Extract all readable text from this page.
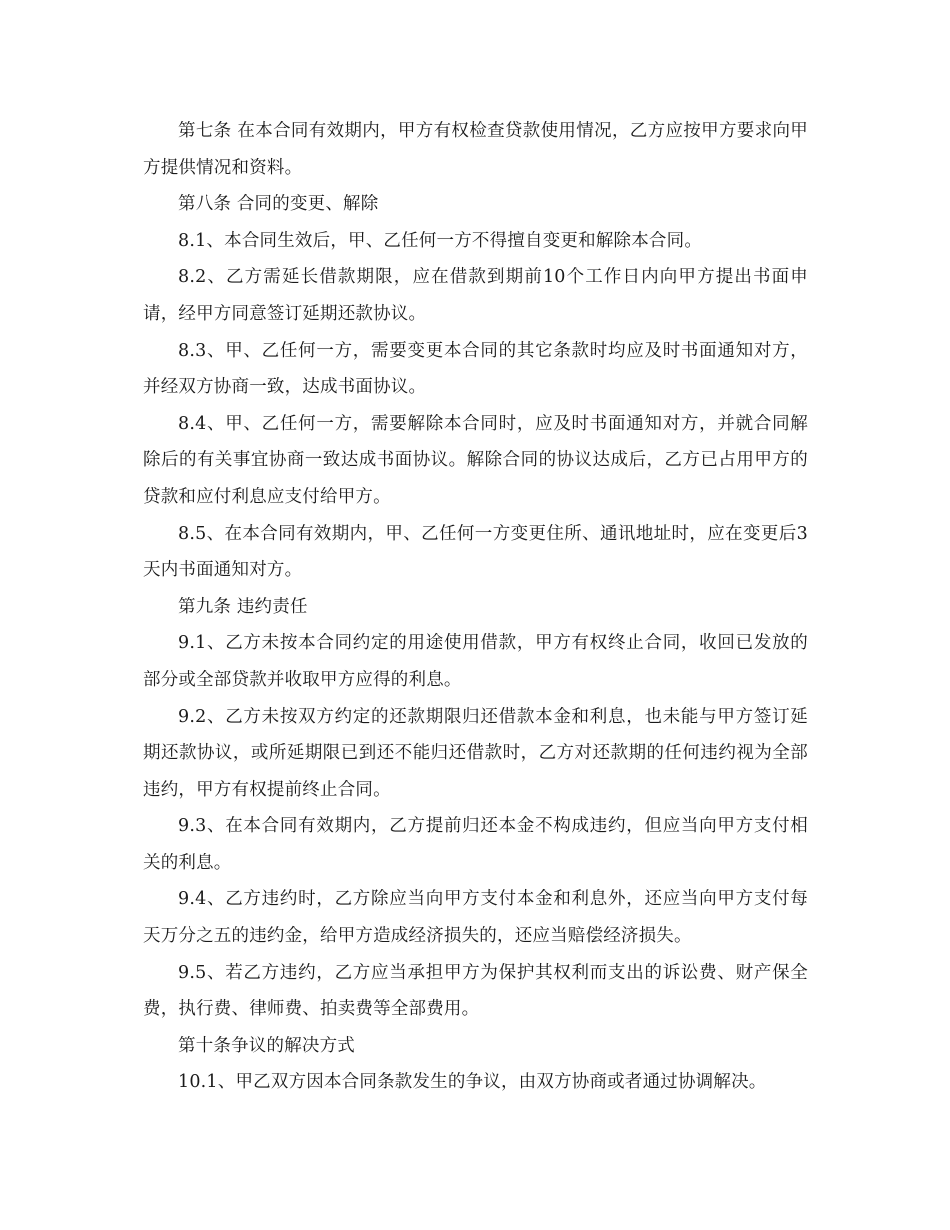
第七条 在本合同有效期内，甲方有权检查贷款使用情况，乙方应按甲方要求向甲方提供情况和资料。

第八条 合同的变更、解除

8.1、本合同生效后，甲、乙任何一方不得擅自变更和解除本合同。

8.2、乙方需延长借款期限，应在借款到期前10个工作日内向甲方提出书面申请，经甲方同意签订延期还款协议。

8.3、甲、乙任何一方，需要变更本合同的其它条款时均应及时书面通知对方，并经双方协商一致，达成书面协议。

8.4、甲、乙任何一方，需要解除本合同时，应及时书面通知对方，并就合同解除后的有关事宜协商一致达成书面协议。解除合同的协议达成后，乙方已占用甲方的贷款和应付利息应支付给甲方。

8.5、在本合同有效期内，甲、乙任何一方变更住所、通讯地址时，应在变更后3天内书面通知对方。

第九条 违约责任

9.1、乙方未按本合同约定的用途使用借款，甲方有权终止合同，收回已发放的部分或全部贷款并收取甲方应得的利息。

9.2、乙方未按双方约定的还款期限归还借款本金和利息，也未能与甲方签订延期还款协议，或所延期限已到还不能归还借款时，乙方对还款期的任何违约视为全部违约，甲方有权提前终止合同。

9.3、在本合同有效期内，乙方提前归还本金不构成违约，但应当向甲方支付相关的利息。

9.4、乙方违约时，乙方除应当向甲方支付本金和利息外，还应当向甲方支付每天万分之五的违约金，给甲方造成经济损失的，还应当赔偿经济损失。

9.5、若乙方违约，乙方应当承担甲方为保护其权利而支出的诉讼费、财产保全费，执行费、律师费、拍卖费等全部费用。

第十条争议的解决方式

10.1、甲乙双方因本合同条款发生的争议，由双方协商或者通过协调解决。
